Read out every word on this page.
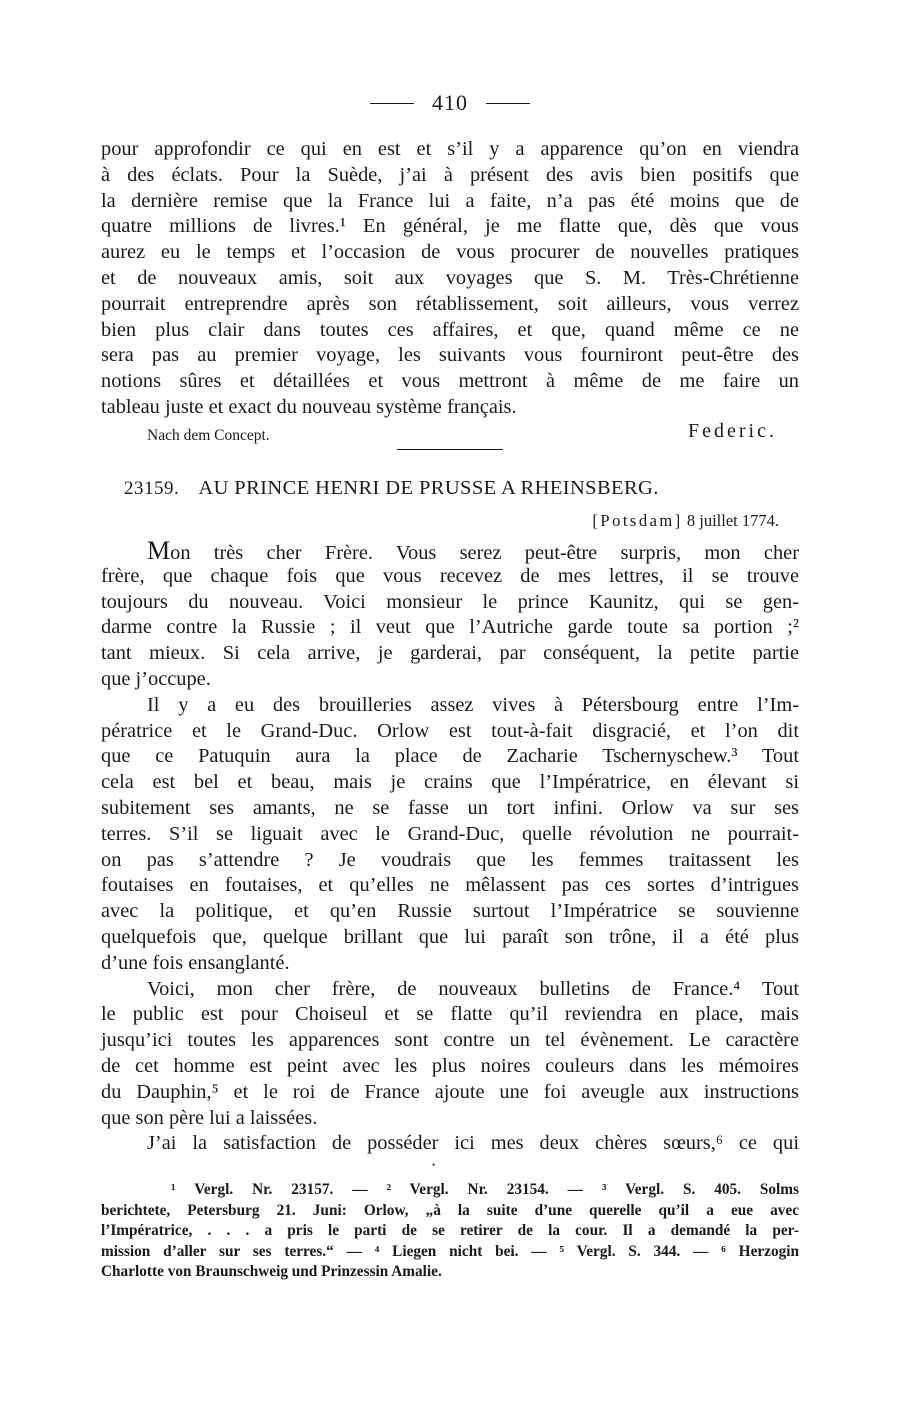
410
pour approfondir ce qui en est et s’il y a apparence qu’on en viendra
à des éclats. Pour la Suède, j’ai à présent des avis bien positifs que
la dernière remise que la France lui a faite, n’a pas été moins que de
quatre millions de livres.¹ En général, je me flatte que, dès que vous
aurez eu le temps et l’occasion de vous procurer de nouvelles pratiques
et de nouveaux amis, soit aux voyages que S. M. Très-Chrétienne
pourrait entreprendre après son rétablissement, soit ailleurs, vous verrez
bien plus clair dans toutes ces affaires, et que, quand même ce ne
sera pas au premier voyage, les suivants vous fourniront peut-être des
notions sûres et détaillées et vous mettront à même de me faire un
tableau juste et exact du nouveau système français.
Nach dem Concept.	Federic.
23159. AU PRINCE HENRI DE PRUSSE A RHEINSBERG.
[Potsdam] 8 juillet 1774.
Mon très cher Frère. Vous serez peut-être surpris, mon cher
frère, que chaque fois que vous recevez de mes lettres, il se trouve
toujours du nouveau. Voici monsieur le prince Kaunitz, qui se gen-
darme contre la Russie ; il veut que l’Autriche garde toute sa portion ;²
tant mieux. Si cela arrive, je garderai, par conséquent, la petite partie
que j’occupe.
Il y a eu des brouilleries assez vives à Pétersbourg entre l’Im-
pératrice et le Grand-Duc. Orlow est tout-à-fait disgracié, et l’on dit
que ce Patuquin aura la place de Zacharie Tschernyschew.³ Tout
cela est bel et beau, mais je crains que l’Impératrice, en élevant si
subitement ses amants, ne se fasse un tort infini. Orlow va sur ses
terres. S’il se liguait avec le Grand-Duc, quelle révolution ne pourrait-
on pas s’attendre ? Je voudrais que les femmes traitassent les
foutaises en foutaises, et qu’elles ne mêlassent pas ces sortes d’intrigues
avec la politique, et qu’en Russie surtout l’Impératrice se souvienne
quelquefois que, quelque brillant que lui paraît son trône, il a été plus
d’une fois ensanglanté.
Voici, mon cher frère, de nouveaux bulletins de France.⁴ Tout
le public est pour Choiseul et se flatte qu’il reviendra en place, mais
jusqu’ici toutes les apparences sont contre un tel évènement. Le caractère
de cet homme est peint avec les plus noires couleurs dans les mémoires
du Dauphin,⁵ et le roi de France ajoute une foi aveugle aux instructions
que son père lui a laissées.
J’ai la satisfaction de posséder ici mes deux chères sœurs,⁶ ce qui
•
¹ Vergl. Nr. 23157. — ² Vergl. Nr. 23154. — ³ Vergl. S. 405. Solms
berichtete, Petersburg 21. Juni: Orlow, „à la suite d’une querelle qu’il a eue avec
l’Impératrice, . . . a pris le parti de se retirer de la cour. Il a demandé la per-
mission d’aller sur ses terres.“ — ⁴ Liegen nicht bei. — ⁵ Vergl. S. 344. — ⁶ Herzogin
Charlotte von Braunschweig und Prinzessin Amalie.
